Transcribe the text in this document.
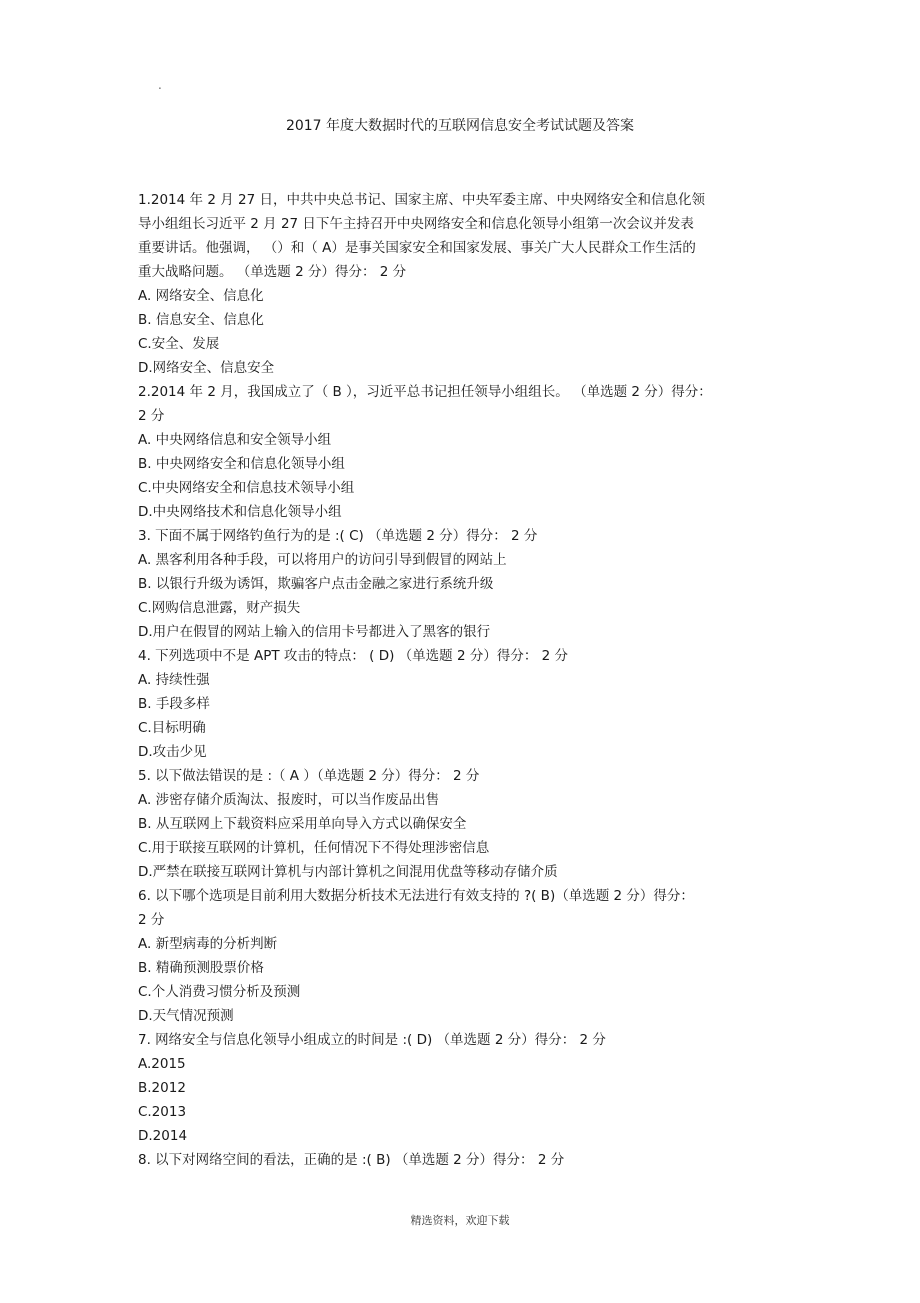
.
2017 年度大数据时代的互联网信息安全考试试题及答案
1.2014 年 2 月 27 日，中共中央总书记、国家主席、中央军委主席、中央网络安全和信息化领
导小组组长习近平 2 月 27 日下午主持召开中央网络安全和信息化领导小组第一次会议并发表
重要讲话。他强调， （）和（ A）是事关国家安全和国家发展、事关广大人民群众工作生活的
重大战略问题。 （单选题 2 分）得分： 2 分
A. 网络安全、信息化
B. 信息安全、信息化
C.安全、发展
D.网络安全、信息安全
2.2014 年 2 月，我国成立了（ B ），习近平总书记担任领导小组组长。 （单选题 2 分）得分：
2 分
A. 中央网络信息和安全领导小组
B. 中央网络安全和信息化领导小组
C.中央网络安全和信息技术领导小组
D.中央网络技术和信息化领导小组
3. 下面不属于网络钓鱼行为的是 :( C) （单选题 2 分）得分： 2 分
A. 黑客利用各种手段，可以将用户的访问引导到假冒的网站上
B. 以银行升级为诱饵，欺骗客户点击金融之家进行系统升级
C.网购信息泄露，财产损失
D.用户在假冒的网站上输入的信用卡号都进入了黑客的银行
4. 下列选项中不是 APT 攻击的特点： ( D) （单选题 2 分）得分： 2 分
A. 持续性强
B. 手段多样
C.目标明确
D.攻击少见
5. 以下做法错误的是 :（ A ）（单选题 2 分）得分： 2 分
A. 涉密存储介质淘汰、报废时，可以当作废品出售
B. 从互联网上下载资料应采用单向导入方式以确保安全
C.用于联接互联网的计算机，任何情况下不得处理涉密信息
D.严禁在联接互联网计算机与内部计算机之间混用优盘等移动存储介质
6. 以下哪个选项是目前利用大数据分析技术无法进行有效支持的 ?( B)（单选题 2 分）得分：
2 分
A. 新型病毒的分析判断
B. 精确预测股票价格
C.个人消费习惯分析及预测
D.天气情况预测
7. 网络安全与信息化领导小组成立的时间是 :( D) （单选题 2 分）得分： 2 分
A.2015
B.2012
C.2013
D.2014
8. 以下对网络空间的看法，正确的是 :( B) （单选题 2 分）得分： 2 分
精选资料，欢迎下载
